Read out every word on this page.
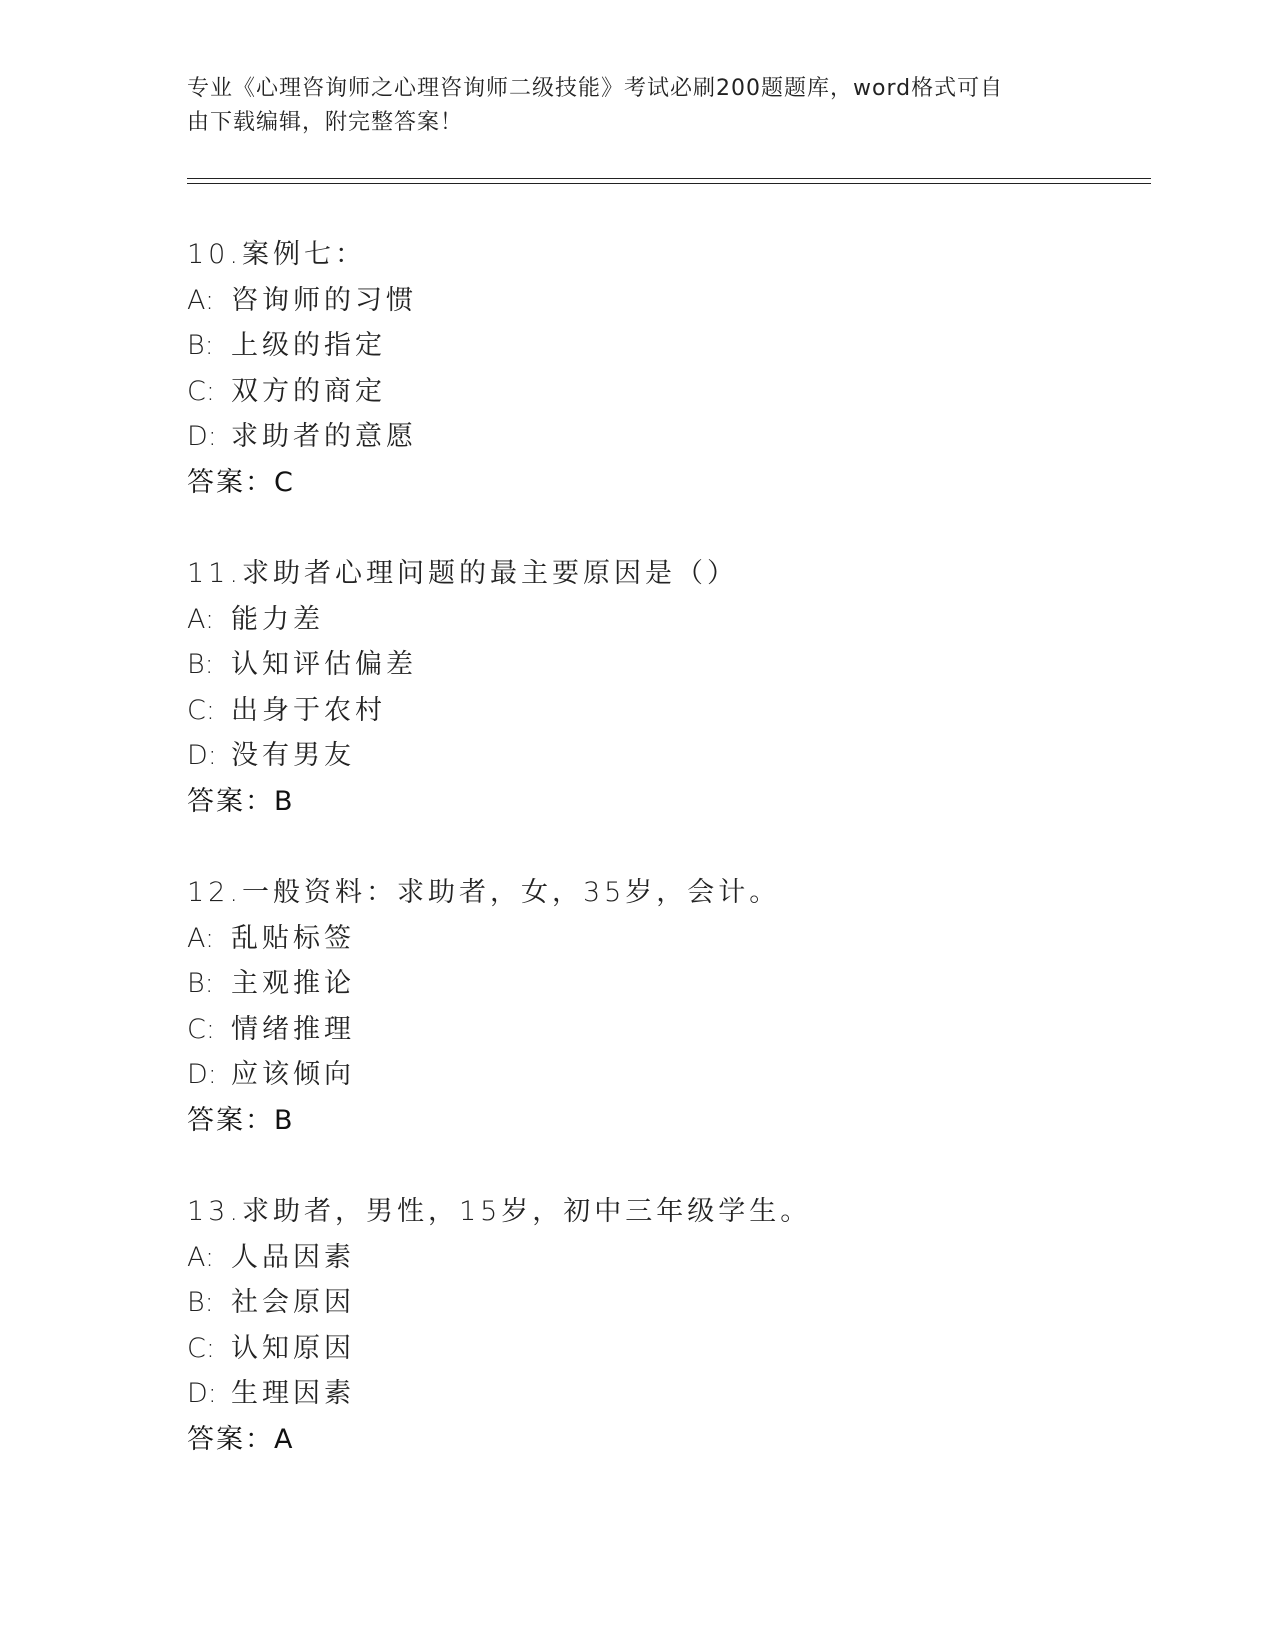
专业《心理咨询师之心理咨询师二级技能》考试必刷200题题库，word格式可自
由下载编辑，附完整答案！
10.案例七：
A: 咨询师的习惯
B: 上级的指定
C: 双方的商定
D: 求助者的意愿
答案：C
11.求助者心理问题的最主要原因是（）
A: 能力差
B: 认知评估偏差
C: 出身于农村
D: 没有男友
答案：B
12.一般资料：求助者，女，35岁，会计。
A: 乱贴标签
B: 主观推论
C: 情绪推理
D: 应该倾向
答案：B
13.求助者，男性，15岁，初中三年级学生。
A: 人品因素
B: 社会原因
C: 认知原因
D: 生理因素
答案：A
